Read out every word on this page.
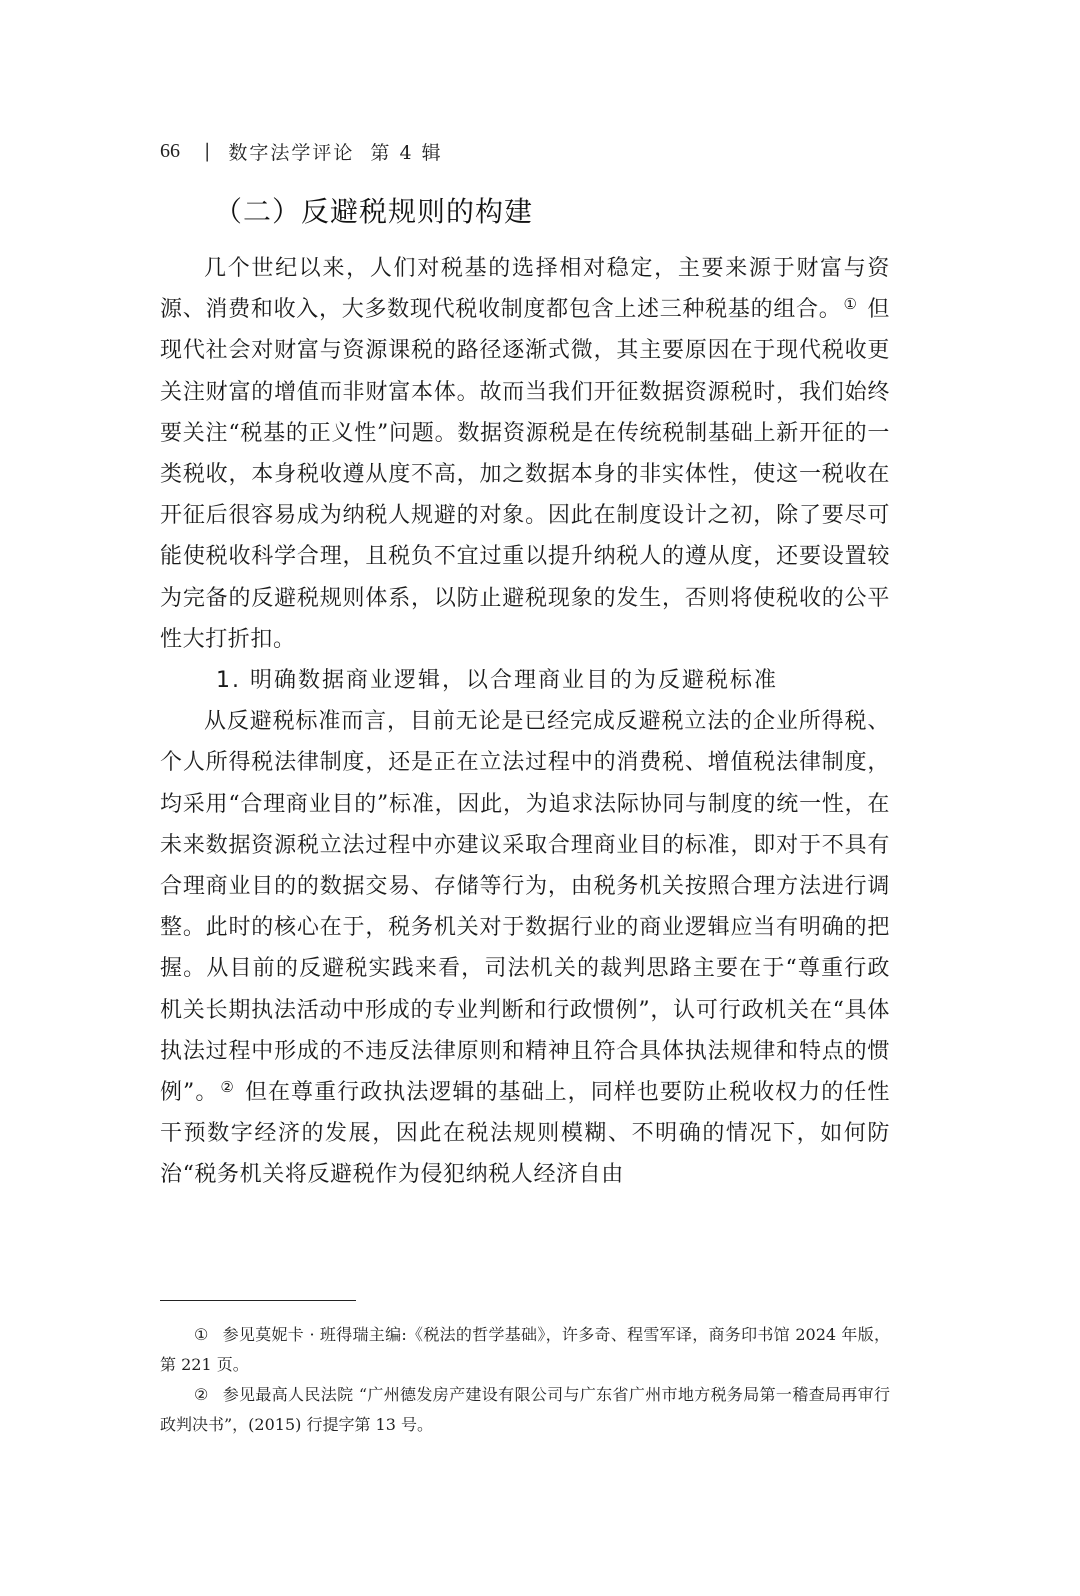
66 | 数字法学评论 第 4 辑
（二）反避税规则的构建

几个世纪以来，人们对税基的选择相对稳定，主要来源于财富与资源、消费和收入，大多数现代税收制度都包含上述三种税基的组合。 ① 但现代社会对财富与资源课税的路径逐渐式微，其主要原因在于现代税收更关注财富的增值而非财富本体。故而当我们开征数据资源税时，我们始终要关注“税基的正义性”问题。数据资源税是在传统税制基础上新开征的一类税收，本身税收遵从度不高，加之数据本身的非实体性，使这一税收在开征后很容易成为纳税人规避的对象。因此在制度设计之初，除了要尽可能使税收科学合理，且税负不宜过重以提升纳税人的遵从度，还要设置较为完备的反避税规则体系，以防止避税现象的发生，否则将使税收的公平性大打折扣。

1. 明确数据商业逻辑，以合理商业目的为反避税标准

从反避税标准而言，目前无论是已经完成反避税立法的企业所得税、个人所得税法律制度，还是正在立法过程中的消费税、增值税法律制度，均采用“合理商业目的”标准，因此，为追求法际协同与制度的统一性，在未来数据资源税立法过程中亦建议采取合理商业目的标准，即对于不具有合理商业目的的数据交易、存储等行为，由税务机关按照合理方法进行调整。此时的核心在于，税务机关对于数据行业的商业逻辑应当有明确的把握。从目前的反避税实践来看，司法机关的裁判思路主要在于“尊重行政机关长期执法活动中形成的专业判断和行政惯例”，认可行政机关在“具体执法过程中形成的不违反法律原则和精神且符合具体执法规律和特点的惯例”。 ② 但在尊重行政执法逻辑的基础上，同样也要防止税收权力的任性干预数字经济的发展，因此在税法规则模糊、不明确的情况下，如何防治“税务机关将反避税作为侵犯纳税人经济自由

① 参见莫妮卡 · 班得瑞主编:《税法的哲学基础》，许多奇、程雪军译，商务印书馆 2024 年版，第 221 页。

② 参见最高人民法院 “广州德发房产建设有限公司与广东省广州市地方税务局第一稽查局再审行政判决书”，(2015) 行提字第 13 号。
